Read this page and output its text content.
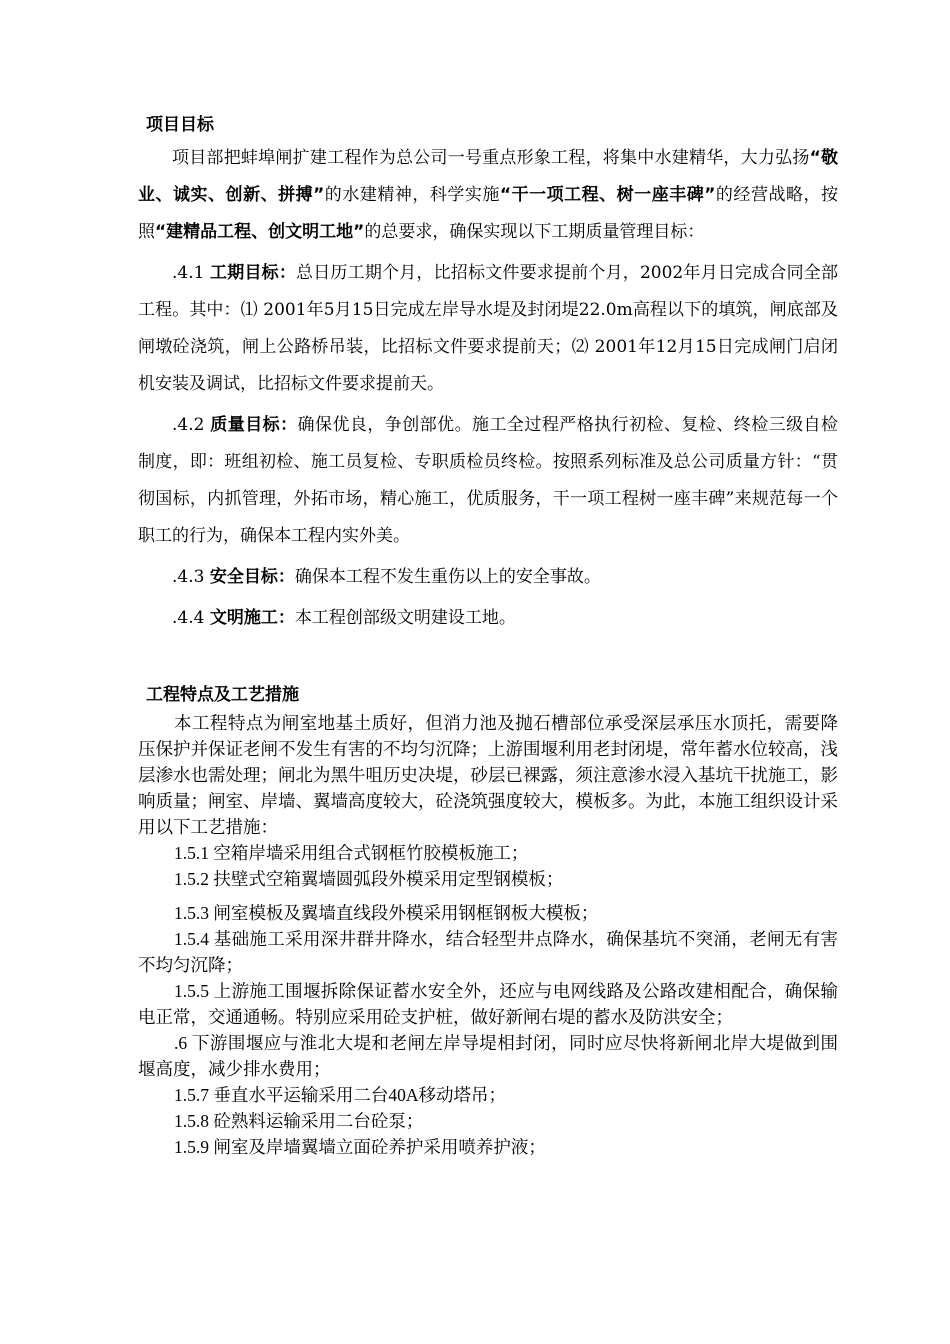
项目目标

项目部把蚌埠闸扩建工程作为总公司一号重点形象工程，将集中水建精华，大力弘扬“敬业、诚实、创新、拼搏”的水建精神，科学实施“干一项工程、树一座丰碑”的经营战略，按照“建精品工程、创文明工地”的总要求，确保实现以下工期质量管理目标：

.4.1 工期目标：总日历工期个月，比招标文件要求提前个月，2002年月日完成合同全部工程。其中：⑴ 2001年5月15日完成左岸导水堤及封闭堤22.0m高程以下的填筑，闸底部及闸墩砼浇筑，闸上公路桥吊装，比招标文件要求提前天；⑵ 2001年12月15日完成闸门启闭机安装及调试，比招标文件要求提前天。

.4.2 质量目标：确保优良，争创部优。施工全过程严格执行初检、复检、终检三级自检制度，即：班组初检、施工员复检、专职质检员终检。按照系列标准及总公司质量方针：“贯彻国标，内抓管理，外拓市场，精心施工，优质服务，干一项工程树一座丰碑”来规范每一个职工的行为，确保本工程内实外美。

.4.3 安全目标：确保本工程不发生重伤以上的安全事故。

.4.4 文明施工：本工程创部级文明建设工地。

工程特点及工艺措施

本工程特点为闸室地基土质好，但消力池及抛石槽部位承受深层承压水顶托，需要降压保护并保证老闸不发生有害的不均匀沉降；上游围堰利用老封闭堤，常年蓄水位较高，浅层渗水也需处理；闸北为黑牛咀历史决堤，砂层已裸露，须注意渗水浸入基坑干扰施工，影响质量；闸室、岸墙、翼墙高度较大，砼浇筑强度较大，模板多。为此，本施工组织设计采用以下工艺措施：

1.5.1 空箱岸墙采用组合式钢框竹胶模板施工；

1.5.2 扶壁式空箱翼墙圆弧段外模采用定型钢模板；

1.5.3 闸室模板及翼墙直线段外模采用钢框钢板大模板；

1.5.4 基础施工采用深井群井降水，结合轻型井点降水，确保基坑不突涌，老闸无有害不均匀沉降；

1.5.5 上游施工围堰拆除保证蓄水安全外，还应与电网线路及公路改建相配合，确保输电正常，交通通畅。特别应采用砼支护桩，做好新闸右堤的蓄水及防洪安全；

.6 下游围堰应与淮北大堤和老闸左岸导堤相封闭，同时应尽快将新闸北岸大堤做到围堰高度，减少排水费用；

1.5.7 垂直水平运输采用二台40A移动塔吊；

1.5.8 砼熟料运输采用二台砼泵；

1.5.9 闸室及岸墙翼墙立面砼养护采用喷养护液；
